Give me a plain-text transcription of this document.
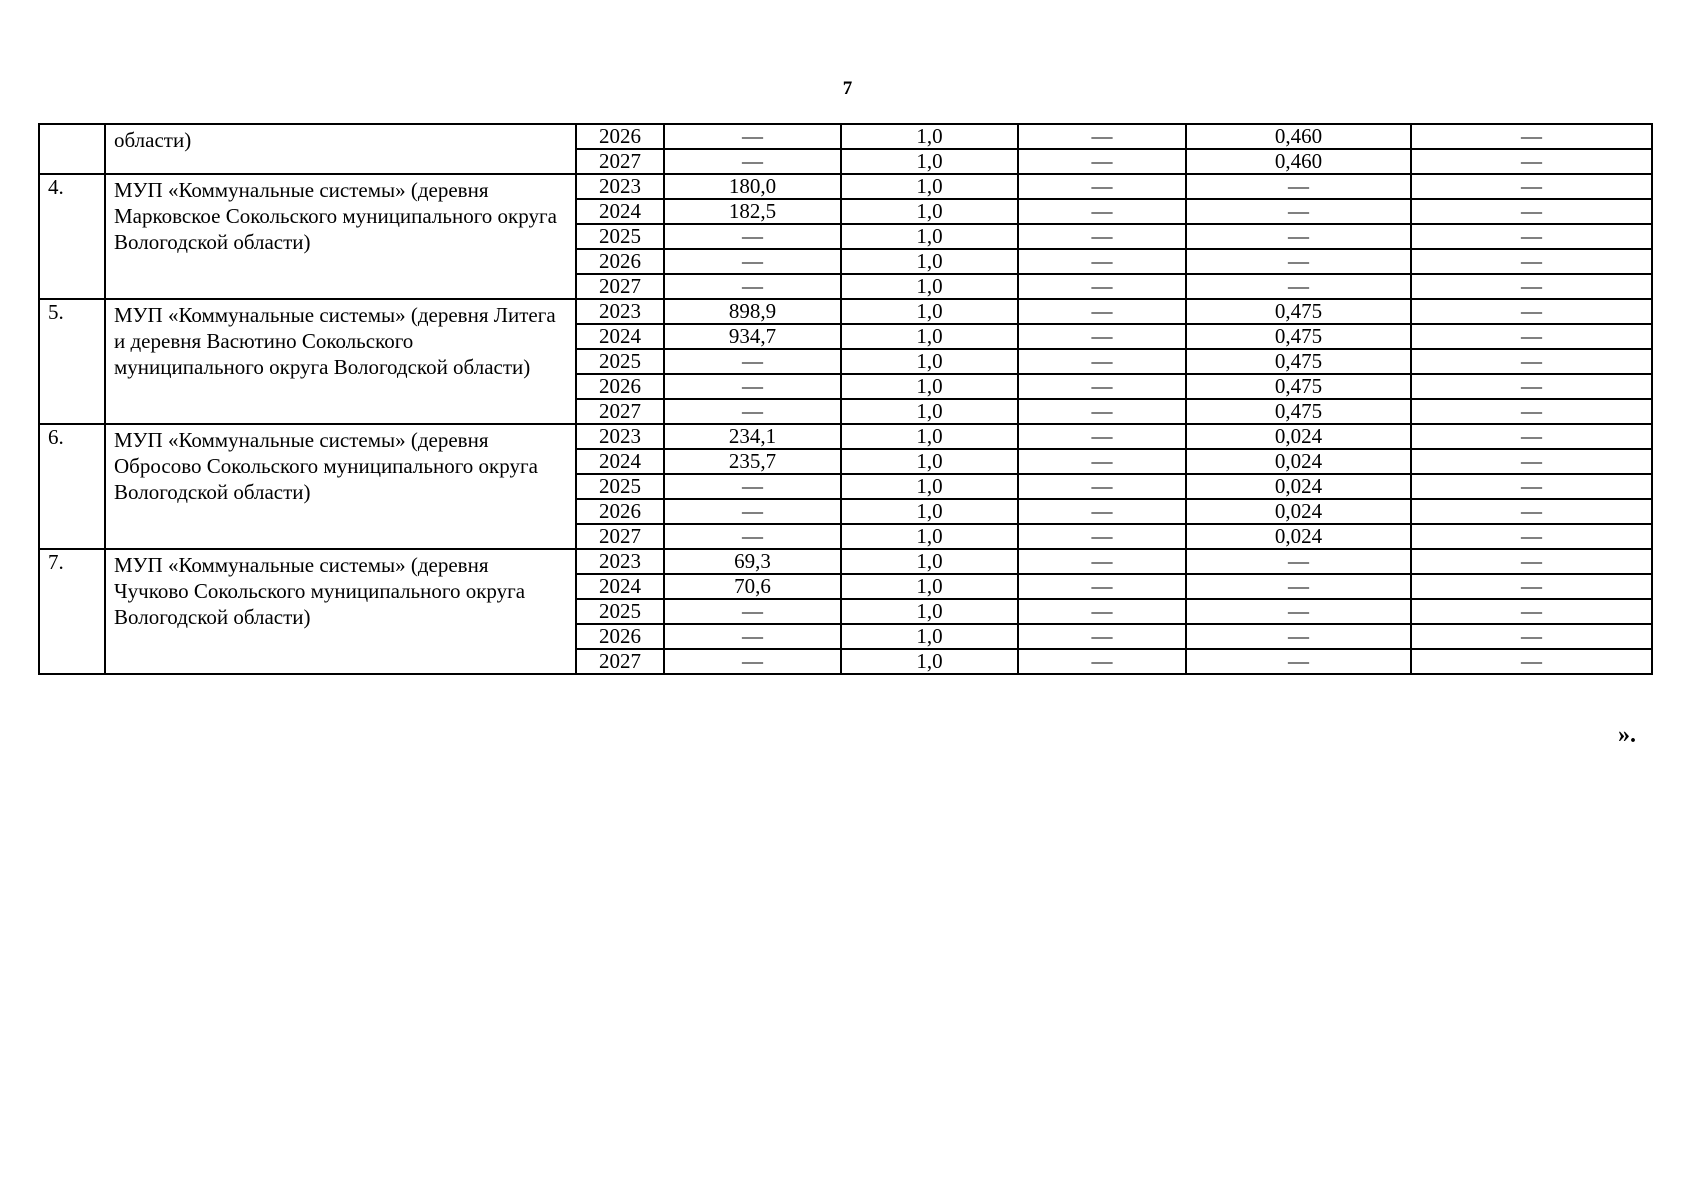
7
	области)	2026	—	1,0	—	0,460	—
		2027	—	1,0	—	0,460	—
4.	МУП «Коммунальные системы» (деревня Марковское Сокольского муниципального округа Вологодской области)	2023	180,0	1,0	—	—	—
		2024	182,5	1,0	—	—	—
		2025	—	1,0	—	—	—
		2026	—	1,0	—	—	—
		2027	—	1,0	—	—	—
5.	МУП «Коммунальные системы» (деревня Литега и деревня Васютино Сокольского муниципального округа Вологодской области)	2023	898,9	1,0	—	0,475	—
		2024	934,7	1,0	—	0,475	—
		2025	—	1,0	—	0,475	—
		2026	—	1,0	—	0,475	—
		2027	—	1,0	—	0,475	—
6.	МУП «Коммунальные системы» (деревня Обросово Сокольского муниципального округа Вологодской области)	2023	234,1	1,0	—	0,024	—
		2024	235,7	1,0	—	0,024	—
		2025	—	1,0	—	0,024	—
		2026	—	1,0	—	0,024	—
		2027	—	1,0	—	0,024	—
7.	МУП «Коммунальные системы» (деревня Чучково Сокольского муниципального округа Вологодской области)	2023	69,3	1,0	—	—	—
		2024	70,6	1,0	—	—	—
		2025	—	1,0	—	—	—
		2026	—	1,0	—	—	—
		2027	—	1,0	—	—	—
».
